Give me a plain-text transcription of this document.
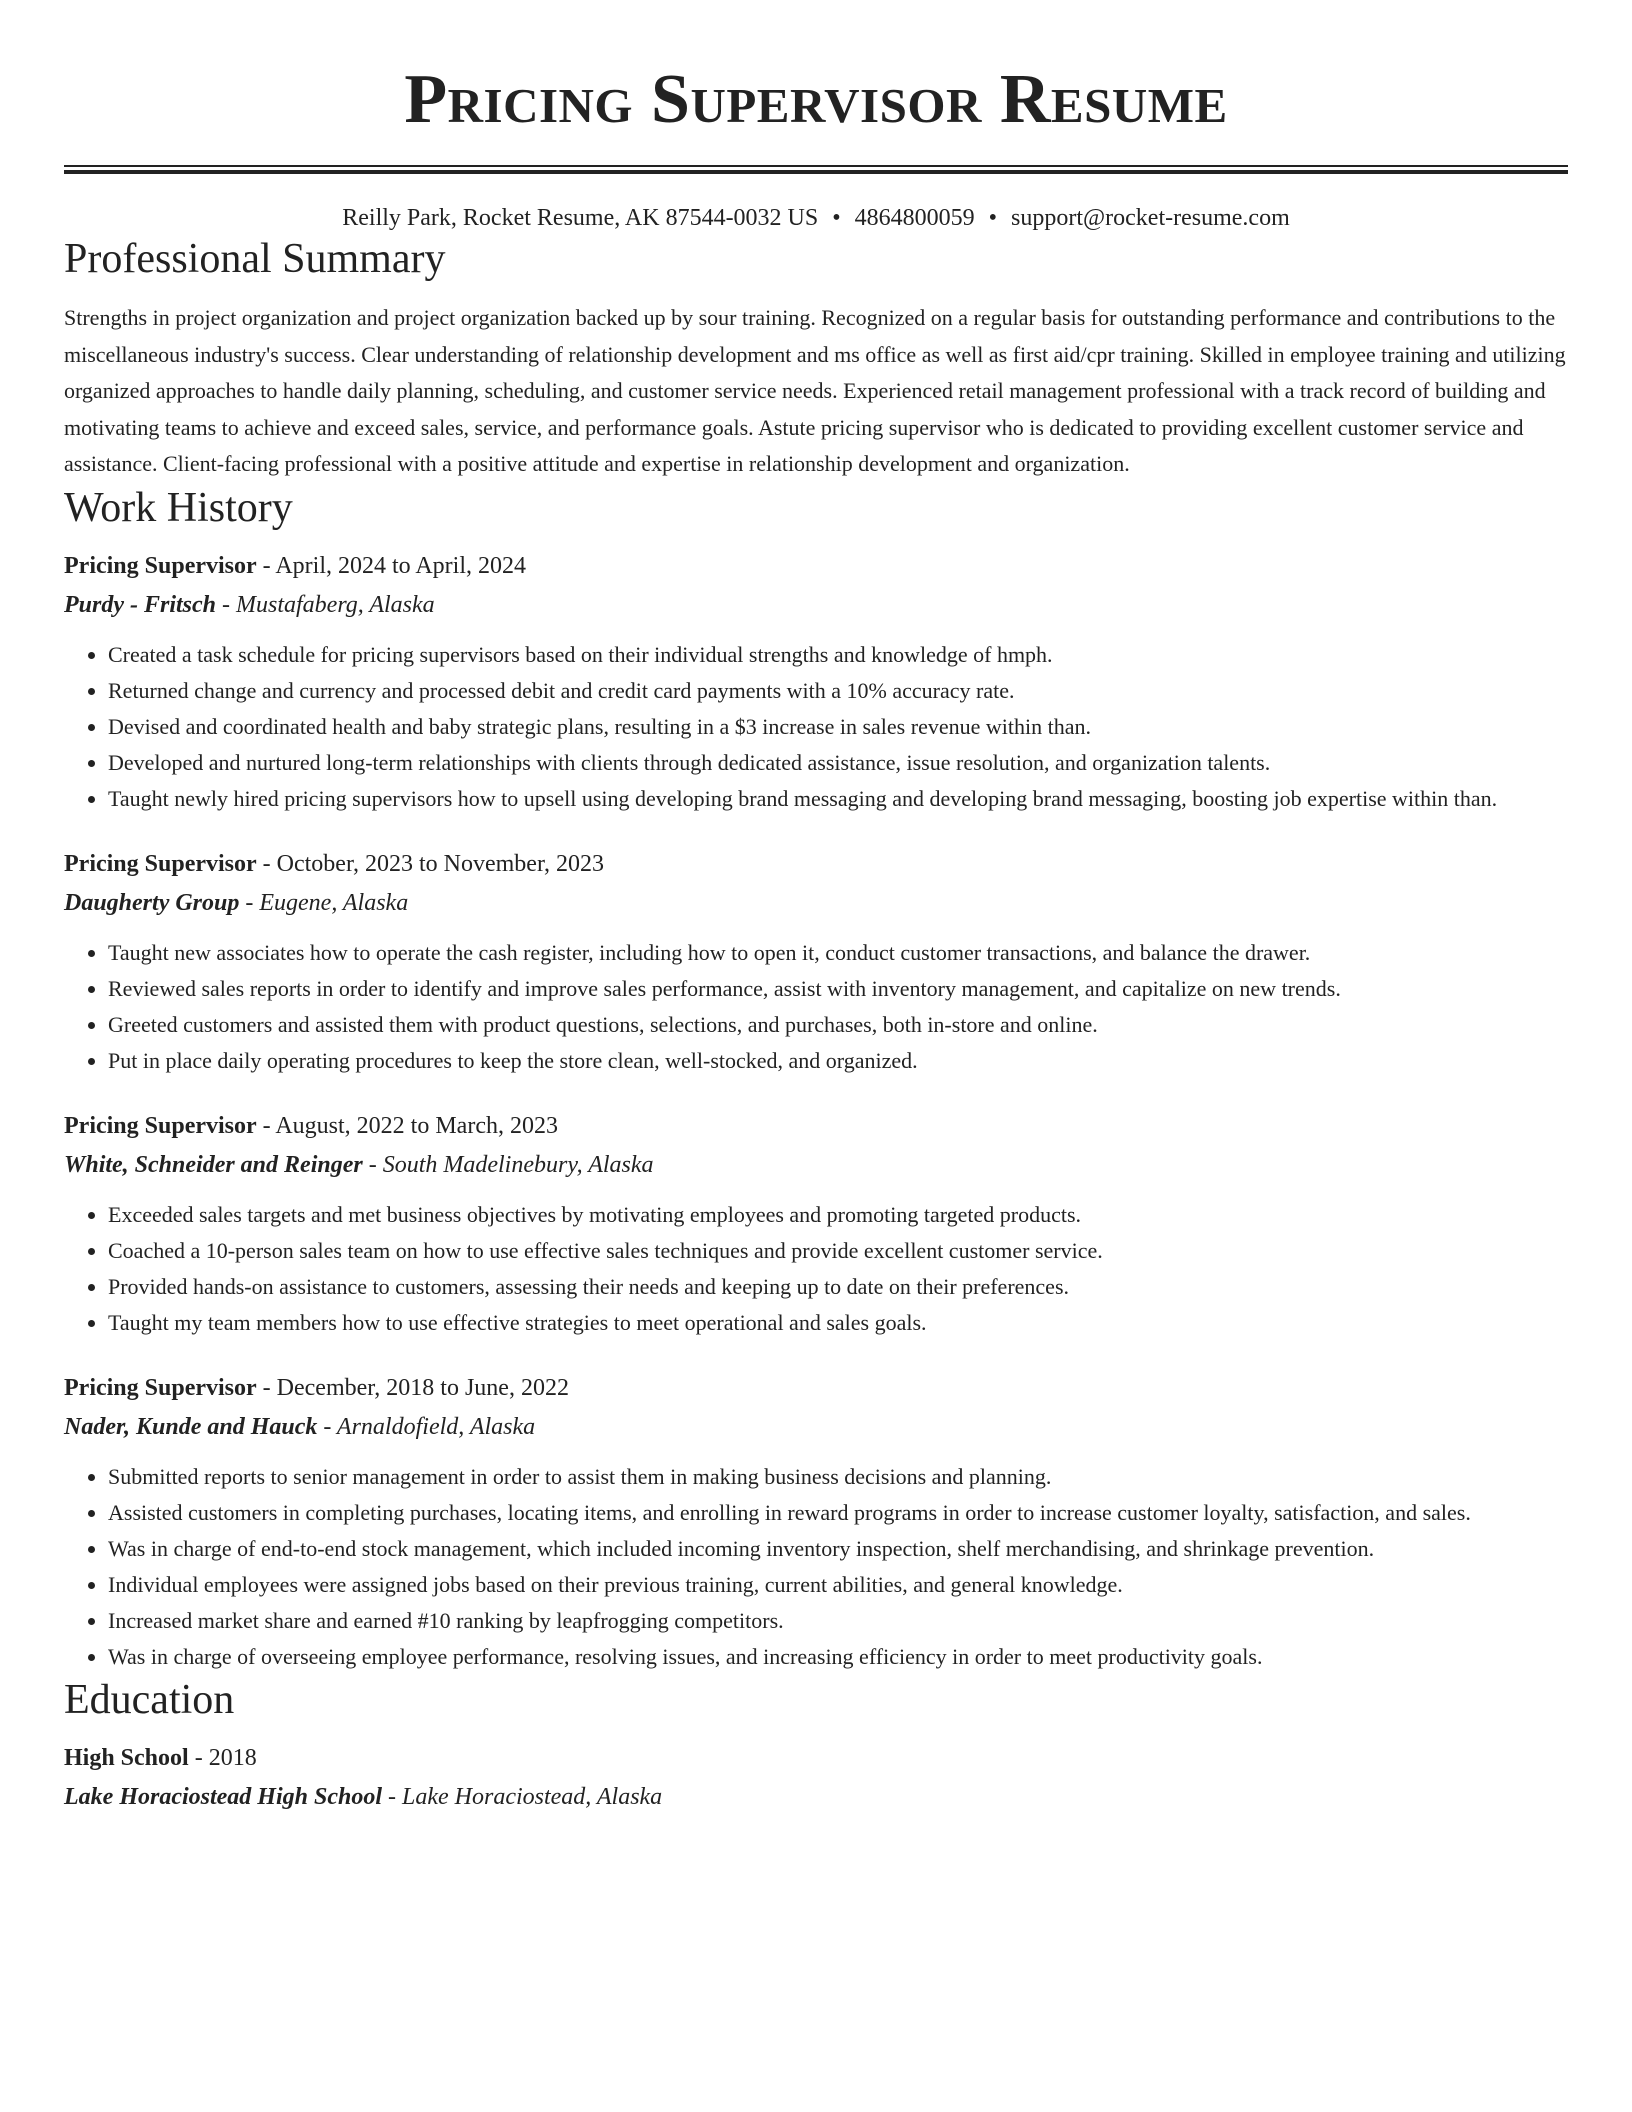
Pricing Supervisor Resume
Reilly Park, Rocket Resume, AK 87544-0032 US • 4864800059 • support@rocket-resume.com
Professional Summary

Strengths in project organization and project organization backed up by sour training. Recognized on a regular basis for outstanding performance and contributions to the miscellaneous industry's success. Clear understanding of relationship development and ms office as well as first aid/cpr training. Skilled in employee training and utilizing organized approaches to handle daily planning, scheduling, and customer service needs. Experienced retail management professional with a track record of building and motivating teams to achieve and exceed sales, service, and performance goals. Astute pricing supervisor who is dedicated to providing excellent customer service and assistance. Client-facing professional with a positive attitude and expertise in relationship development and organization.

Work History
Pricing Supervisor - April, 2024 to April, 2024
Purdy - Fritsch - Mustafaberg, Alaska
• Created a task schedule for pricing supervisors based on their individual strengths and knowledge of hmph.
• Returned change and currency and processed debit and credit card payments with a 10% accuracy rate.
• Devised and coordinated health and baby strategic plans, resulting in a $3 increase in sales revenue within than.
• Developed and nurtured long-term relationships with clients through dedicated assistance, issue resolution, and organization talents.
• Taught newly hired pricing supervisors how to upsell using developing brand messaging and developing brand messaging, boosting job expertise within than.
Pricing Supervisor - October, 2023 to November, 2023
Daugherty Group - Eugene, Alaska
• Taught new associates how to operate the cash register, including how to open it, conduct customer transactions, and balance the drawer.
• Reviewed sales reports in order to identify and improve sales performance, assist with inventory management, and capitalize on new trends.
• Greeted customers and assisted them with product questions, selections, and purchases, both in-store and online.
• Put in place daily operating procedures to keep the store clean, well-stocked, and organized.
Pricing Supervisor - August, 2022 to March, 2023
White, Schneider and Reinger - South Madelinebury, Alaska
• Exceeded sales targets and met business objectives by motivating employees and promoting targeted products.
• Coached a 10-person sales team on how to use effective sales techniques and provide excellent customer service.
• Provided hands-on assistance to customers, assessing their needs and keeping up to date on their preferences.
• Taught my team members how to use effective strategies to meet operational and sales goals.
Pricing Supervisor - December, 2018 to June, 2022
Nader, Kunde and Hauck - Arnaldofield, Alaska
• Submitted reports to senior management in order to assist them in making business decisions and planning.
• Assisted customers in completing purchases, locating items, and enrolling in reward programs in order to increase customer loyalty, satisfaction, and sales.
• Was in charge of end-to-end stock management, which included incoming inventory inspection, shelf merchandising, and shrinkage prevention.
• Individual employees were assigned jobs based on their previous training, current abilities, and general knowledge.
• Increased market share and earned #10 ranking by leapfrogging competitors.
• Was in charge of overseeing employee performance, resolving issues, and increasing efficiency in order to meet productivity goals.
Education
High School - 2018
Lake Horaciostead High School - Lake Horaciostead, Alaska
